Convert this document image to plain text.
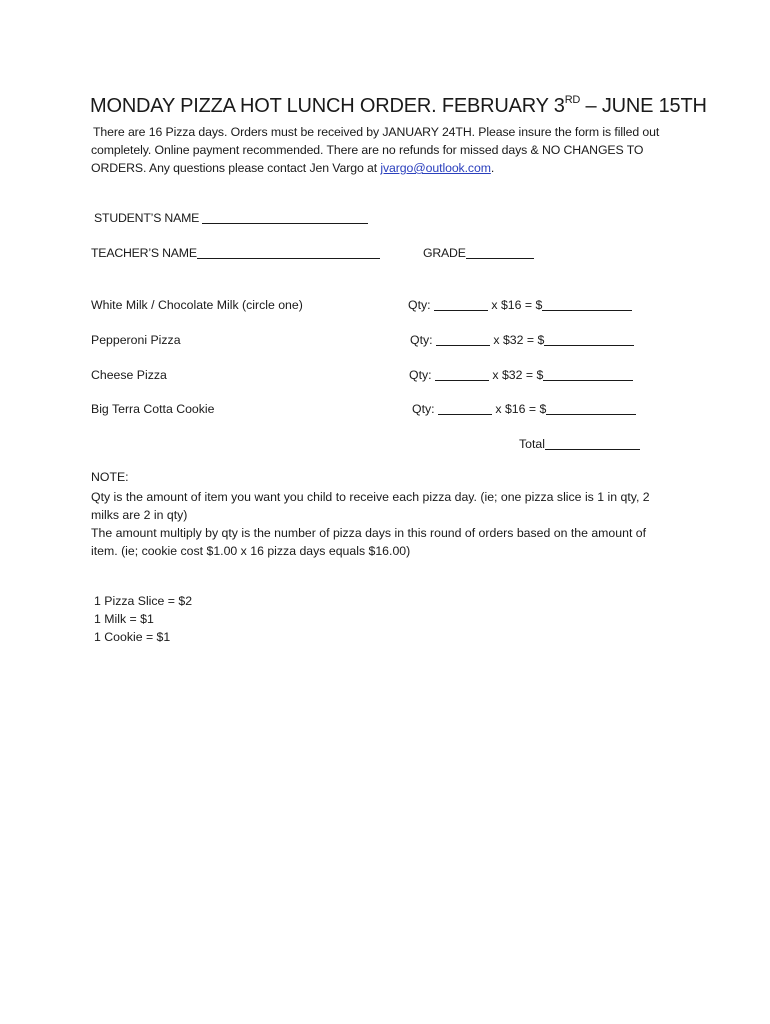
MONDAY PIZZA HOT LUNCH ORDER. FEBRUARY 3RD – JUNE 15TH
There are 16 Pizza days. Orders must be received by JANUARY 24TH. Please insure the form is filled out
completely. Online payment recommended. There are no refunds for missed days & NO CHANGES TO
ORDERS. Any questions please contact Jen Vargo at jvargo@outlook.com.
STUDENT’S NAME
TEACHER’S NAME	GRADE
White Milk / Chocolate Milk (circle one)	Qty:	x $16 = $
Pepperoni Pizza	Qty:	x $32 = $
Cheese Pizza	Qty:	x $32 = $
Big Terra Cotta Cookie	Qty:	x $16 = $
Total
NOTE:
Qty is the amount of item you want you child to receive each pizza day. (ie; one pizza slice is 1 in qty, 2
milks are 2 in qty)
The amount multiply by qty is the number of pizza days in this round of orders based on the amount of
item. (ie; cookie cost $1.00 x 16 pizza days equals $16.00)
1 Pizza Slice = $2
1 Milk = $1
1 Cookie = $1
